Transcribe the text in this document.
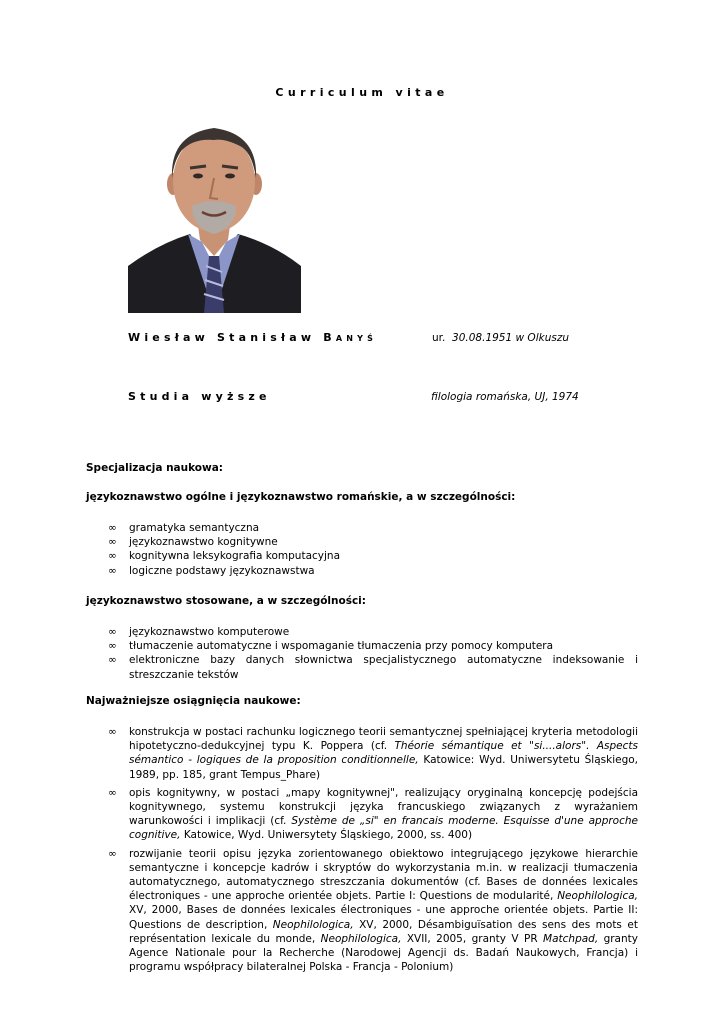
Curriculum vitae
Wiesław Stanisław Banyś	ur. 30.08.1951 w Olkuszu
Studia wyższe	filologia romańska, UJ, 1974
Specjalizacja naukowa:
językoznawstwo ogólne i językoznawstwo romańskie, a w szczególności:
∞ gramatyka semantyczna
∞ językoznawstwo kognitywne
∞ kognitywna leksykografia komputacyjna
∞ logiczne podstawy językoznawstwa
językoznawstwo stosowane, a w szczególności:
∞ językoznawstwo komputerowe
∞ tłumaczenie automatyczne i wspomaganie tłumaczenia przy pomocy komputera
∞ elektroniczne bazy danych słownictwa specjalistycznego automatyczne indeksowanie i streszczanie tekstów
Najważniejsze osiągnięcia naukowe:
∞ konstrukcja w postaci rachunku logicznego teorii semantycznej spełniającej kryteria metodologii hipotetyczno-dedukcyjnej typu K. Poppera (cf. Théorie sémantique et "si....alors". Aspects sémantico - logiques de la proposition conditionnelle, Katowice: Wyd. Uniwersytetu Śląskiego, 1989, pp. 185, grant Tempus_Phare)
∞ opis kognitywny, w postaci „mapy kognitywnej", realizujący oryginalną koncepcję podejścia kognitywnego, systemu konstrukcji języka francuskiego związanych z wyrażaniem warunkowości i implikacji (cf. Système de „si" en francais moderne. Esquisse d'une approche cognitive, Katowice, Wyd. Uniwersytety Śląskiego, 2000, ss. 400)
∞ rozwijanie teorii opisu języka zorientowanego obiektowo integrującego językowe hierarchie semantyczne i koncepcje kadrów i skryptów do wykorzystania m.in. w realizacji tłumaczenia automatycznego, automatycznego streszczania dokumentów (cf. Bases de données lexicales électroniques - une approche orientée objets. Partie I: Questions de modularité, Neophilologica, XV, 2000, Bases de données lexicales électroniques - une approche orientée objets. Partie II: Questions de description, Neophilologica, XV, 2000, Désambiguïsation des sens des mots et représentation lexicale du monde, Neophilologica, XVII, 2005, granty V PR Matchpad, granty Agence Nationale pour la Recherche (Narodowej Agencji ds. Badań Naukowych, Francja) i programu współpracy bilateralnej Polska - Francja - Polonium)
